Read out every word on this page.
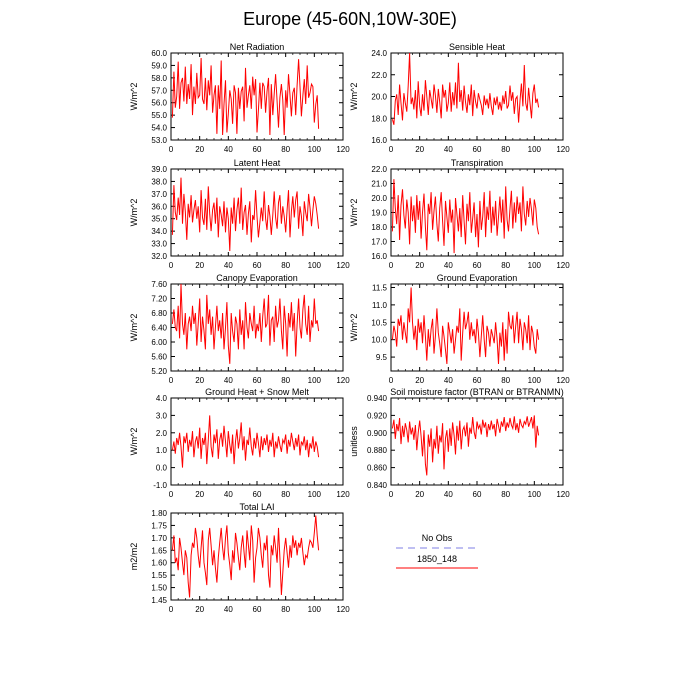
Europe (45-60N,10W-30E)
Net Radiation
W/m^2
0	20 40 60 80 100 120
53.0
54.0
55.0
56.0
57.0
58.0
59.0
60.0
Sensible Heat
W/m^2
0	20 40 60 80 100 120
16.0
18.0
20.0
22.0
24.0
Latent Heat
W/m^2
0	20 40 60 80 100 120
32.0
33.0
34.0
35.0
36.0
37.0
38.0
39.0
Transpiration
W/m^2
0	20 40 60 80 100 120
16.0
17.0
18.0
19.0
20.0
21.0
22.0
Canopy Evaporation
W/m^2
0	20 40 60 80 100 120
5.20
5.60
6.00
6.40
6.80
7.20
7.60
Ground Evaporation
W/m^2
0	20 40 60 80 100 120
9.5
10.0
10.5
11.0
11.5
Ground Heat + Snow Melt
W/m^2
0	20 40 60 80 100 120
-1.0
0.0
1.0
2.0
3.0
4.0
Soil moisture factor (BTRAN or BTRANMN)
unitless
0	20 40 60 80 100 120
0.840
0.860
0.880
0.900
0.920
0.940
Total LAI
m2/m2
0	20 40 60 80 100 120
1.45
1.50
1.55
1.60
1.65
1.70
1.75
1.80
No Obs
1850_148
